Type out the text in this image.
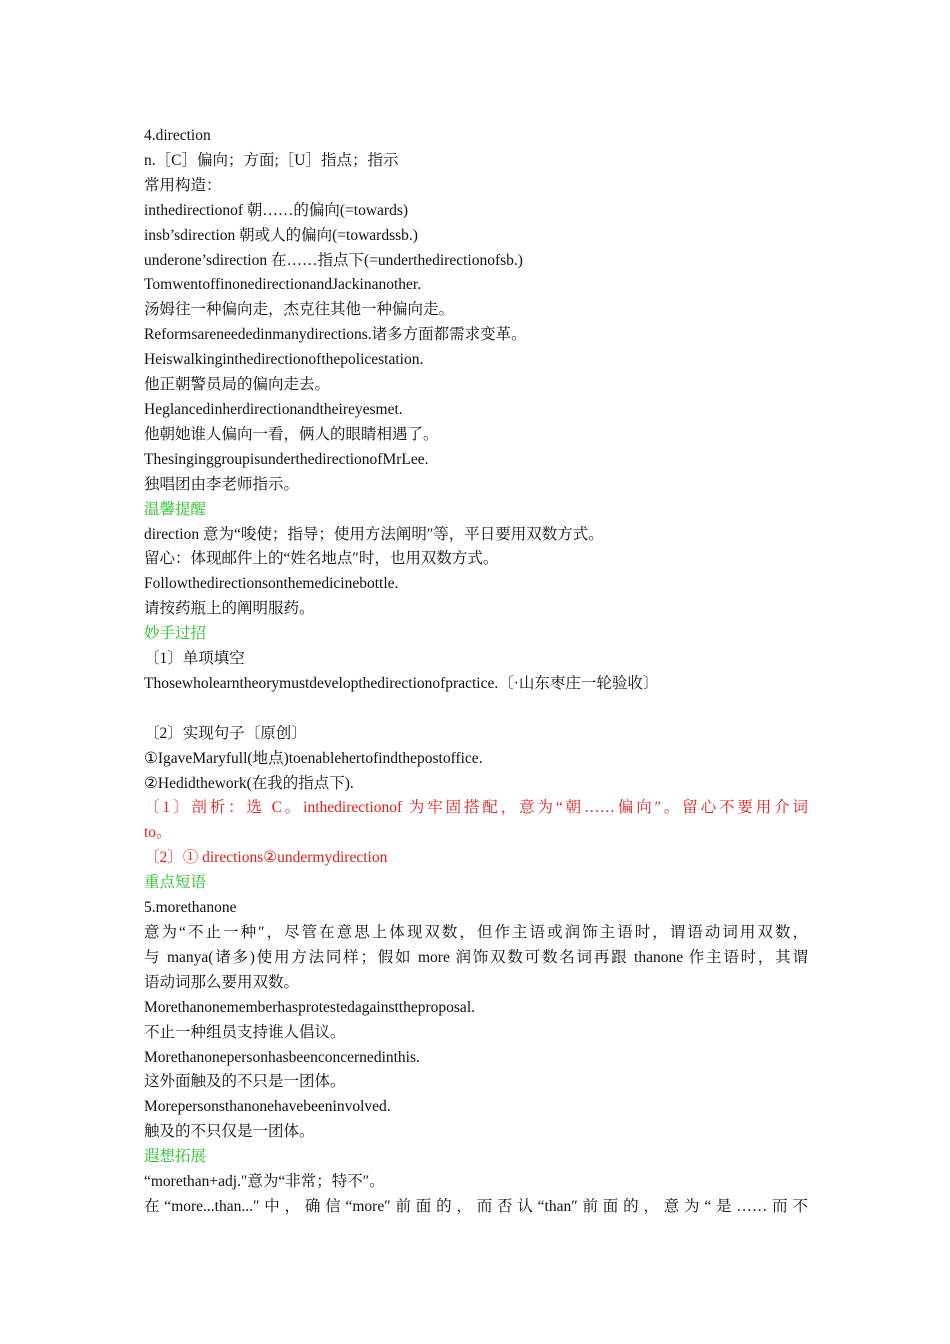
4.direction
n.［C］偏向；方面;［U］指点；指示
常用构造：
inthedirectionof 朝……的偏向(=towards)
insb’sdirection 朝或人的偏向(=towardssb.)
underone’sdirection 在……指点下(=underthedirectionofsb.)
TomwentoffinonedirectionandJackinanother.
汤姆往一种偏向走，杰克往其他一种偏向走。
Reformsareneededinmanydirections.诸多方面都需求变革。
Heiswalkinginthedirectionofthepolicestation.
他正朝警员局的偏向走去。
Heglancedinherdirectionandtheireyesmet.
他朝她谁人偏向一看，俩人的眼睛相遇了。
ThesinginggroupisunderthedirectionofMrLee.
独唱团由李老师指示。
温馨提醒
direction 意为“唆使；指导；使用方法阐明″等，平日要用双数方式。
留心：体现邮件上的“姓名地点″时，也用双数方式。
Followthedirectionsonthemedicinebottle.
请按药瓶上的阐明服药。
妙手过招
〔1〕单项填空
Thosewholearntheorymustdevelopthedirectionofpractice.〔·山东枣庄一轮验收〕
〔2〕实现句子〔原创〕
①IgaveMaryfull(地点)toenablehertofindthepostoffice.
②Hedidthework(在我的指点下).
〔1〕剖析：选 C。inthedirectionof 为牢固搭配，意为“朝……偏向″。留心不要用介词
to。
〔2〕① directions②undermydirection
重点短语
5.morethanone
意为“不止一种″，尽管在意思上体现双数，但作主语或润饰主语时，谓语动词用双数，
与 manya(诸多)使用方法同样；假如 more 润饰双数可数名词再跟 thanone 作主语时，其谓
语动词那么要用双数。
Morethanonememberhasprotestedagainsttheproposal.
不止一种组员支持谁人倡议。
Morethanonepersonhasbeenconcernedinthis.
这外面触及的不只是一团体。
Morepersonsthanonehavebeeninvolved.
触及的不只仅是一团体。
遐想拓展
“morethan+adj.″意为“非常；特不″。
在“more...than...″中，确信“more″前面的，而否认“than″前面的，意为“是……而不
